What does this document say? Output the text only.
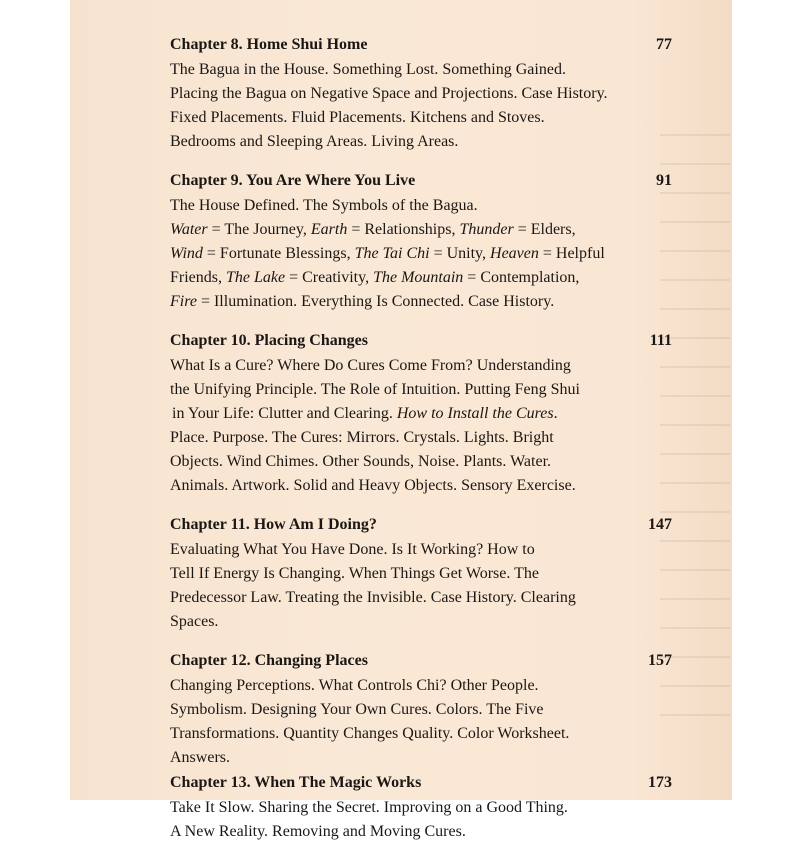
Chapter 8. Home Shui Home	77
The Bagua in the House. Something Lost. Something Gained.
Placing the Bagua on Negative Space and Projections. Case History.
Fixed Placements. Fluid Placements. Kitchens and Stoves.
Bedrooms and Sleeping Areas. Living Areas.
Chapter 9. You Are Where You Live	91
The House Defined. The Symbols of the Bagua.
Water = The Journey, Earth = Relationships, Thunder = Elders,
Wind = Fortunate Blessings, The Tai Chi = Unity, Heaven = Helpful
Friends, The Lake = Creativity, The Mountain = Contemplation,
Fire = Illumination. Everything Is Connected. Case History.
Chapter 10. Placing Changes	111
What Is a Cure? Where Do Cures Come From? Understanding
the Unifying Principle. The Role of Intuition. Putting Feng Shui
in Your Life: Clutter and Clearing. How to Install the Cures.
Place. Purpose. The Cures: Mirrors. Crystals. Lights. Bright
Objects. Wind Chimes. Other Sounds, Noise. Plants. Water.
Animals. Artwork. Solid and Heavy Objects. Sensory Exercise.
Chapter 11. How Am I Doing?	147
Evaluating What You Have Done. Is It Working? How to
Tell If Energy Is Changing. When Things Get Worse. The
Predecessor Law. Treating the Invisible. Case History. Clearing
Spaces.
Chapter 12. Changing Places	157
Changing Perceptions. What Controls Chi? Other People.
Symbolism. Designing Your Own Cures. Colors. The Five
Transformations. Quantity Changes Quality. Color Worksheet.
Answers.
Chapter 13. When The Magic Works	173
Take It Slow. Sharing the Secret. Improving on a Good Thing.
A New Reality. Removing and Moving Cures.
